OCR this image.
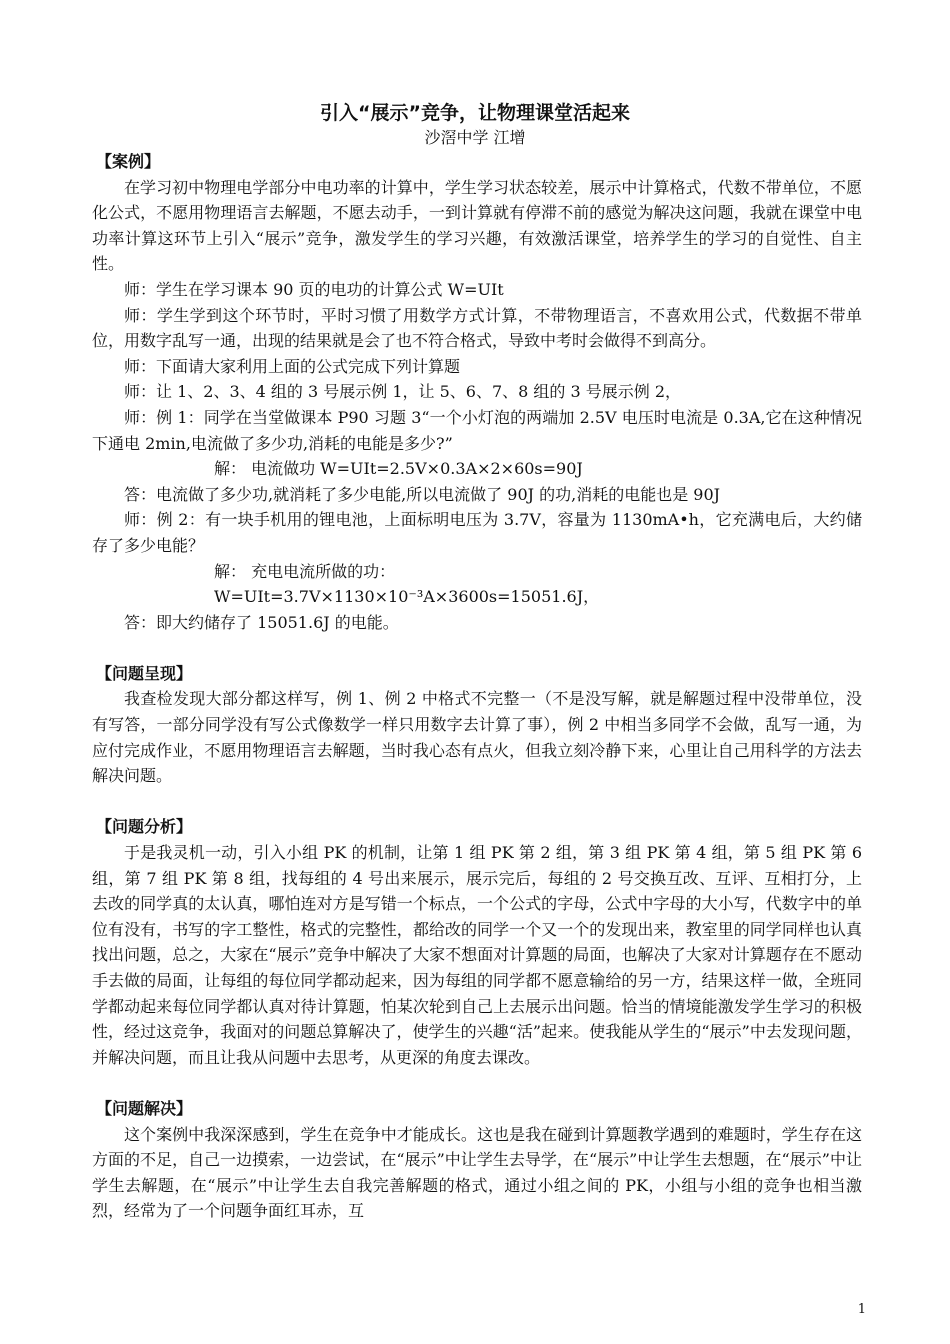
引入“展示”竞争，让物理课堂活起来
沙滘中学 江增
【案例】

在学习初中物理电学部分中电功率的计算中，学生学习状态较差，展示中计算格式，代数不带单位，不愿化公式，不愿用物理语言去解题，不愿去动手，一到计算就有停滞不前的感觉为解决这问题，我就在课堂中电功率计算这环节上引入“展示”竞争，激发学生的学习兴趣，有效激活课堂，培养学生的学习的自觉性、自主性。

师：学生在学习课本 90 页的电功的计算公式 W=UIt

师：学生学到这个环节时，平时习惯了用数学方式计算，不带物理语言，不喜欢用公式，代数据不带单位，用数字乱写一通，出现的结果就是会了也不符合格式，导致中考时会做得不到高分。

师：下面请大家利用上面的公式完成下列计算题

师：让 1、2、3、4 组的 3 号展示例 1，让 5、6、7、8 组的 3 号展示例 2，

师：例 1：同学在当堂做课本 P90 习题 3“一个小灯泡的两端加 2.5V 电压时电流是 0.3A,它在这种情况下通电 2min,电流做了多少功,消耗的电能是多少?”

解： 电流做功 W=UIt=2.5V×0.3A×2×60s=90J

答：电流做了多少功,就消耗了多少电能,所以电流做了 90J 的功,消耗的电能也是 90J

师：例 2：有一块手机用的锂电池，上面标明电压为 3.7V，容量为 1130mA•h，它充满电后，大约储存了多少电能？

解： 充电电流所做的功：

W=UIt=3.7V×1130×10⁻³A×3600s=15051.6J，

答：即大约储存了 15051.6J 的电能。

【问题呈现】

我查检发现大部分都这样写，例 1、例 2 中格式不完整一（不是没写解，就是解题过程中没带单位，没有写答，一部分同学没有写公式像数学一样只用数字去计算了事），例 2 中相当多同学不会做，乱写一通，为应付完成作业，不愿用物理语言去解题，当时我心态有点火，但我立刻冷静下来，心里让自己用科学的方法去解决问题。

【问题分析】

于是我灵机一动，引入小组 PK 的机制，让第 1 组 PK 第 2 组，第 3 组 PK 第 4 组，第 5 组 PK 第 6 组，第 7 组 PK 第 8 组，找每组的 4 号出来展示，展示完后，每组的 2 号交换互改、互评、互相打分，上去改的同学真的太认真，哪怕连对方是写错一个标点，一个公式的字母，公式中字母的大小写，代数字中的单位有没有，书写的字工整性，格式的完整性，都给改的同学一个又一个的发现出来，教室里的同学同样也认真找出问题，总之，大家在“展示”竞争中解决了大家不想面对计算题的局面，也解决了大家对计算题存在不愿动手去做的局面，让每组的每位同学都动起来，因为每组的同学都不愿意输给的另一方，结果这样一做，全班同学都动起来每位同学都认真对待计算题，怕某次轮到自己上去展示出问题。恰当的情境能激发学生学习的积极性，经过这竞争，我面对的问题总算解决了，使学生的兴趣“活”起来。使我能从学生的“展示”中去发现问题，并解决问题，而且让我从问题中去思考，从更深的角度去课改。

【问题解决】

这个案例中我深深感到，学生在竞争中才能成长。这也是我在碰到计算题教学遇到的难题时，学生存在这方面的不足，自己一边摸索，一边尝试，在“展示”中让学生去导学，在“展示”中让学生去想题，在“展示”中让学生去解题，在“展示”中让学生去自我完善解题的格式，通过小组之间的 PK，小组与小组的竞争也相当激烈，经常为了一个问题争面红耳赤，互

1
